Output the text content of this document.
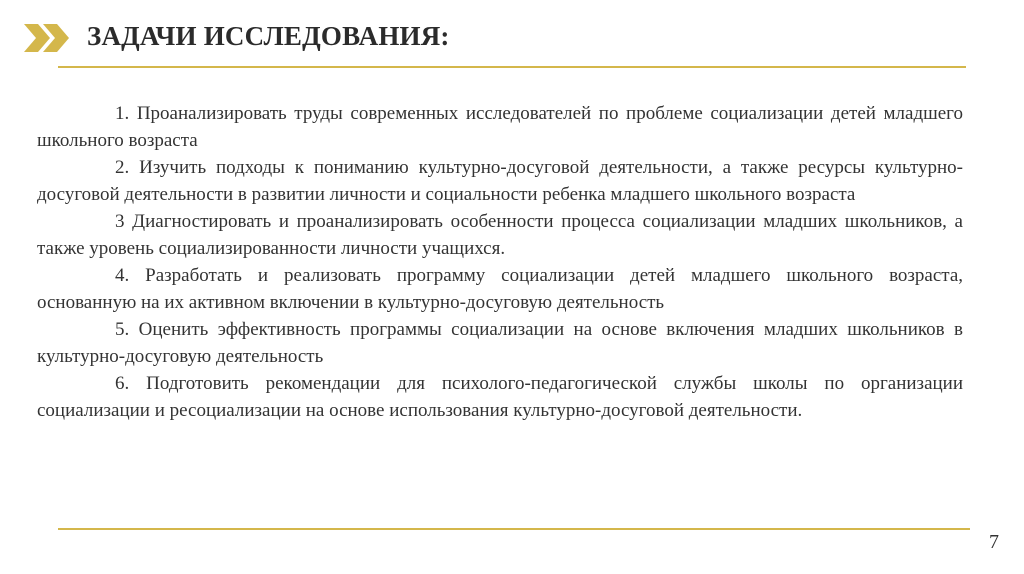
ЗАДАЧИ ИССЛЕДОВАНИЯ:

1. Проанализировать труды современных исследователей по проблеме социализации детей младшего школьного возраста

2. Изучить подходы к пониманию культурно-досуговой деятельности, а также ресурсы культурно-досуговой деятельности в развитии личности и социальности ребенка младшего школьного возраста

3 Диагностировать и проанализировать особенности процесса социализации младших школьников, а также уровень социализированности личности учащихся.

4. Разработать и реализовать программу социализации детей младшего школьного возраста, основанную на их активном включении в культурно-досуговую деятельность

5. Оценить эффективность программы социализации на основе включения младших школьников в культурно-досуговую деятельность

6. Подготовить рекомендации для психолого-педагогической службы школы по организации социализации и ресоциализации на основе использования культурно-досуговой деятельности.

7
